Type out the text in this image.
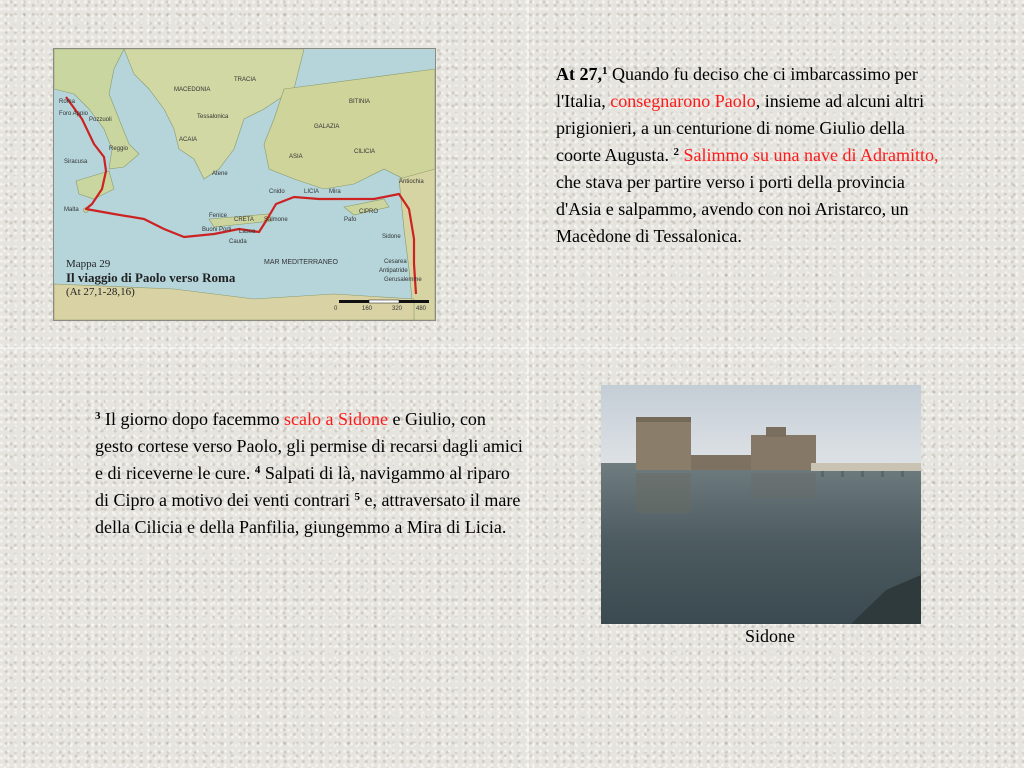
Roma
Foro Appio
Pozzuoli
Reggio
Siracusa
Malta
Buoni Porti
Fenice
CRETA Salmone
Lasea
Cauda
Mira
LICIA
CIPRO
Pafo
Cnido
Sidone
Cesarea
Antipatride
Gerusalemme
MACEDONIA
TRACIA
BITINIA
GALAZIA
ASIA
CILICIA
Antiochia
Atene
ACAIA
Tessalonica
MAR MEDITERRANEO
0	160	320 480
Mappa 29
Il viaggio di Paolo verso Roma
(At 27,1-28,16)
At 27,$^1$ Quando fu deciso che ci imbarcassimo per l'Italia, consegnarono Paolo, insieme ad alcuni altri prigionieri, a un centurione di nome Giulio della coorte Augusta. $^2$ Salimmo su una nave di Adramitto, che stava per partire verso i porti della provincia d'Asia e salpammo, avendo con noi Aristarco, un Macèdone di Tessalonica.
$^3$ Il giorno dopo facemmo scalo a Sidone e Giulio, con gesto cortese verso Paolo, gli permise di recarsi dagli amici e di riceverne le cure. $^4$ Salpati di là, navigammo al riparo di Cipro a motivo dei venti contrari $^5$ e, attraversato il mare della Cilicia e della Panfilia, giungemmo a Mira di Licia.
Sidone
